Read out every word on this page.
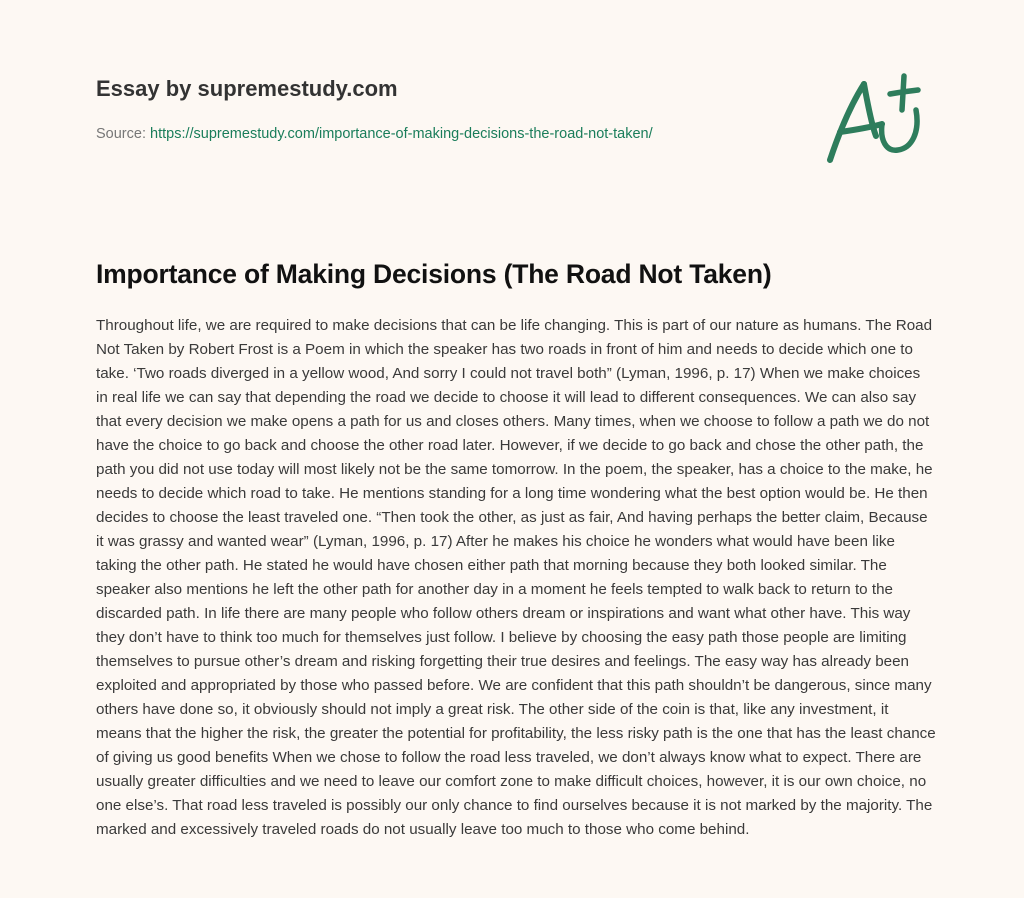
Essay by supremestudy.com
Source: https://supremestudy.com/importance-of-making-decisions-the-road-not-taken/
Importance of Making Decisions (The Road Not Taken)

Throughout life, we are required to make decisions that can be life changing. This is part of our nature as humans. The Road Not Taken by Robert Frost is a Poem in which the speaker has two roads in front of him and needs to decide which one to take. ‘Two roads diverged in a yellow wood, And sorry I could not travel both” (Lyman, 1996, p. 17) When we make choices in real life we can say that depending the road we decide to choose it will lead to different consequences. We can also say that every decision we make opens a path for us and closes others. Many times, when we choose to follow a path we do not have the choice to go back and choose the other road later. However, if we decide to go back and chose the other path, the path you did not use today will most likely not be the same tomorrow. In the poem, the speaker, has a choice to the make, he needs to decide which road to take. He mentions standing for a long time wondering what the best option would be. He then decides to choose the least traveled one. “Then took the other, as just as fair, And having perhaps the better claim, Because it was grassy and wanted wear” (Lyman, 1996, p. 17) After he makes his choice he wonders what would have been like taking the other path. He stated he would have chosen either path that morning because they both looked similar. The speaker also mentions he left the other path for another day in a moment he feels tempted to walk back to return to the discarded path. In life there are many people who follow others dream or inspirations and want what other have. This way they don’t have to think too much for themselves just follow. I believe by choosing the easy path those people are limiting themselves to pursue other’s dream and risking forgetting their true desires and feelings. The easy way has already been exploited and appropriated by those who passed before. We are confident that this path shouldn’t be dangerous, since many others have done so, it obviously should not imply a great risk. The other side of the coin is that, like any investment, it means that the higher the risk, the greater the potential for profitability, the less risky path is the one that has the least chance of giving us good benefits When we chose to follow the road less traveled, we don’t always know what to expect. There are usually greater difficulties and we need to leave our comfort zone to make difficult choices, however, it is our own choice, no one else’s. That road less traveled is possibly our only chance to find ourselves because it is not marked by the majority. The marked and excessively traveled roads do not usually leave too much to those who come behind.
